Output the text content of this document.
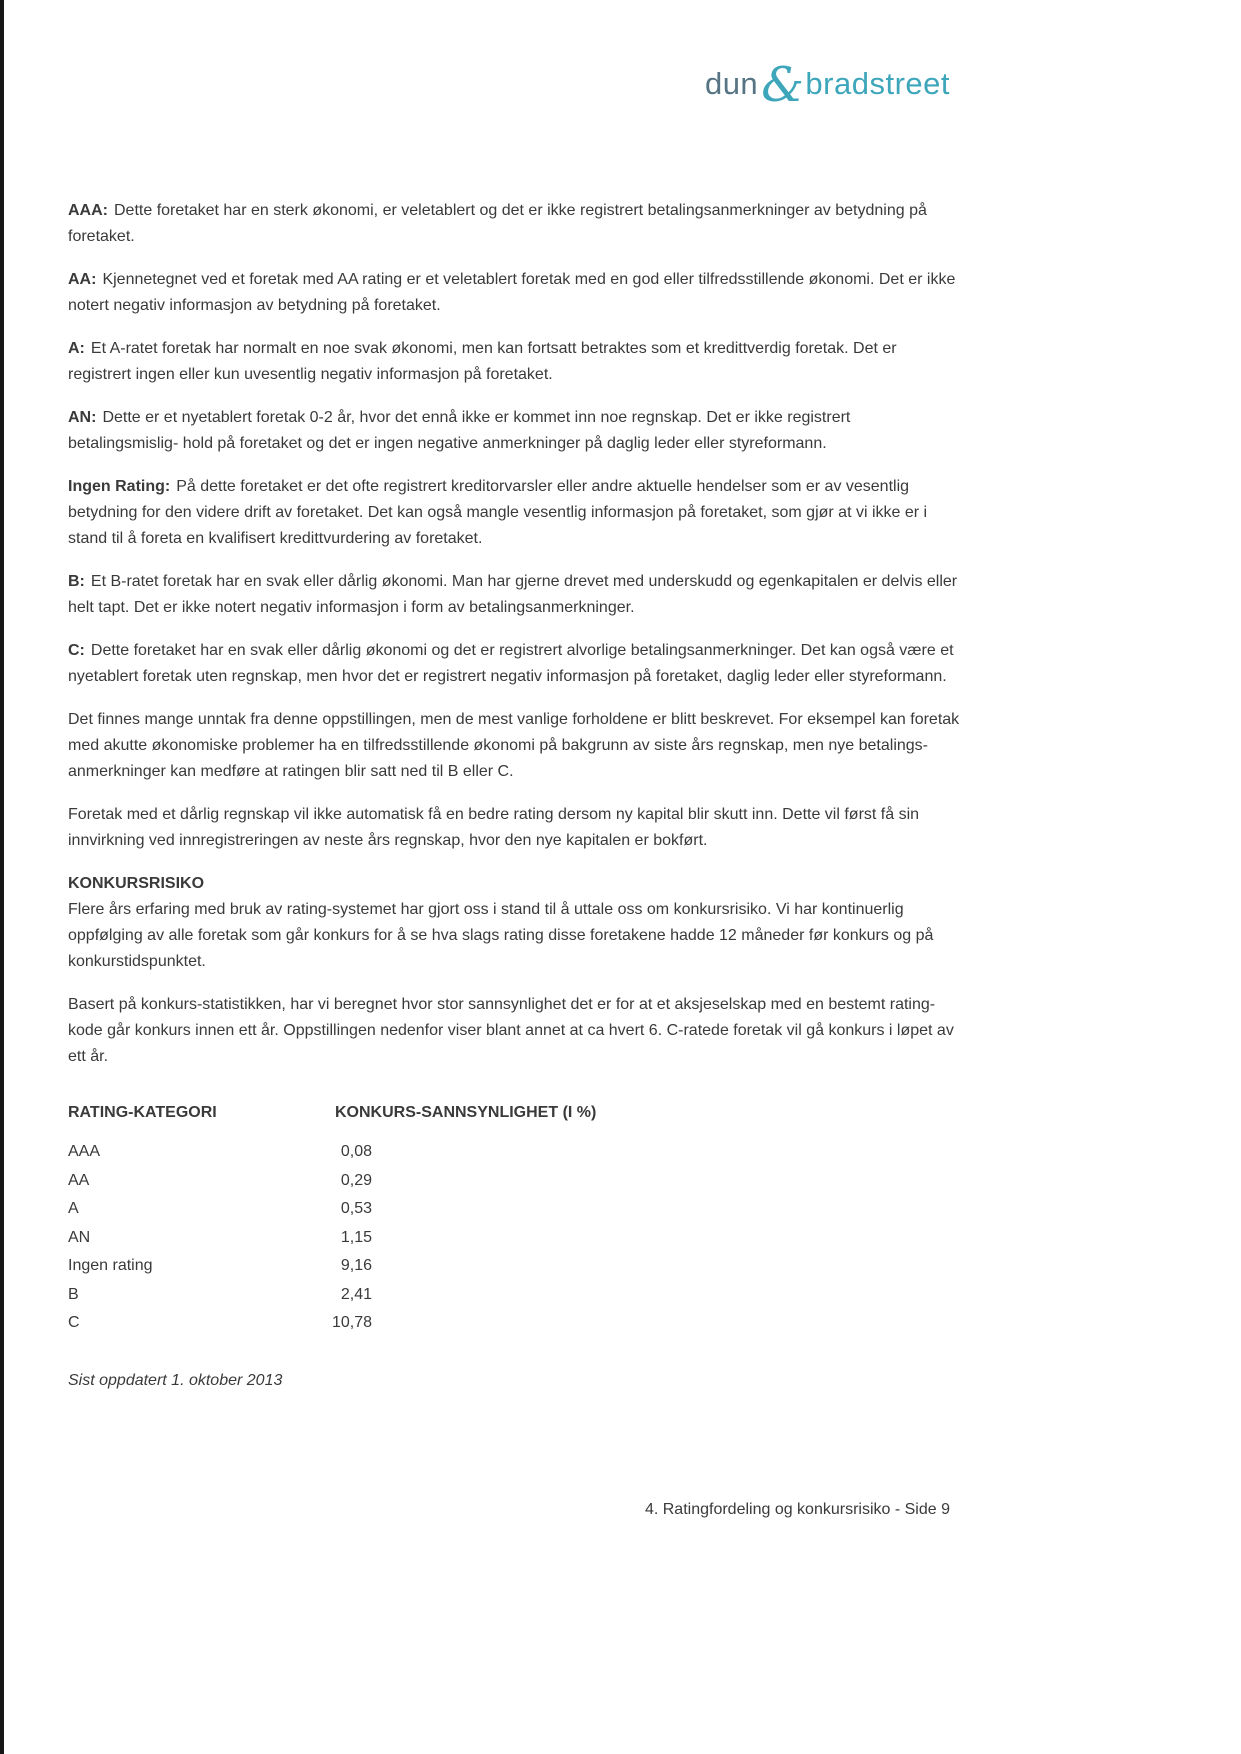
dun&bradstreet

AAA: Dette foretaket har en sterk økonomi, er veletablert og det er ikke registrert betalingsanmerkninger av betydning på foretaket.

AA: Kjennetegnet ved et foretak med AA rating er et veletablert foretak med en god eller tilfredsstillende økonomi. Det er ikke notert negativ informasjon av betydning på foretaket.

A: Et A-ratet foretak har normalt en noe svak økonomi, men kan fortsatt betraktes som et kredittverdig foretak. Det er registrert ingen eller kun uvesentlig negativ informasjon på foretaket.

AN: Dette er et nyetablert foretak 0-2 år, hvor det ennå ikke er kommet inn noe regnskap. Det er ikke registrert betalingsmislig- hold på foretaket og det er ingen negative anmerkninger på daglig leder eller styreformann.

Ingen Rating: På dette foretaket er det ofte registrert kreditorvarsler eller andre aktuelle hendelser som er av vesentlig betydning for den videre drift av foretaket. Det kan også mangle vesentlig informasjon på foretaket, som gjør at vi ikke er i stand til å foreta en kvalifisert kredittvurdering av foretaket.

B: Et B-ratet foretak har en svak eller dårlig økonomi. Man har gjerne drevet med underskudd og egenkapitalen er delvis eller helt tapt. Det er ikke notert negativ informasjon i form av betalingsanmerkninger.

C: Dette foretaket har en svak eller dårlig økonomi og det er registrert alvorlige betalingsanmerkninger. Det kan også være et nyetablert foretak uten regnskap, men hvor det er registrert negativ informasjon på foretaket, daglig leder eller styreformann.

Det finnes mange unntak fra denne oppstillingen, men de mest vanlige forholdene er blitt beskrevet. For eksempel kan foretak med akutte økonomiske problemer ha en tilfredsstillende økonomi på bakgrunn av siste års regnskap, men nye betalings- anmerkninger kan medføre at ratingen blir satt ned til B eller C.

Foretak med et dårlig regnskap vil ikke automatisk få en bedre rating dersom ny kapital blir skutt inn. Dette vil først få sin innvirkning ved innregistreringen av neste års regnskap, hvor den nye kapitalen er bokført.

KONKURSRISIKO
Flere års erfaring med bruk av rating-systemet har gjort oss i stand til å uttale oss om konkursrisiko. Vi har kontinuerlig oppfølging av alle foretak som går konkurs for å se hva slags rating disse foretakene hadde 12 måneder før konkurs og på konkurstidspunktet.

Basert på konkurs-statistikken, har vi beregnet hvor stor sannsynlighet det er for at et aksjeselskap med en bestemt rating-kode går konkurs innen ett år. Oppstillingen nedenfor viser blant annet at ca hvert 6. C-ratede foretak vil gå konkurs i løpet av ett år.

RATING-KATEGORI	KONKURS-SANNSYNLIGHET (I %)
AAA	0,08
AA	0,29
A	0,53
AN	1,15
Ingen rating	9,16
B	2,41
C	10,78

Sist oppdatert 1. oktober 2013

4. Ratingfordeling og konkursrisiko - Side 9
